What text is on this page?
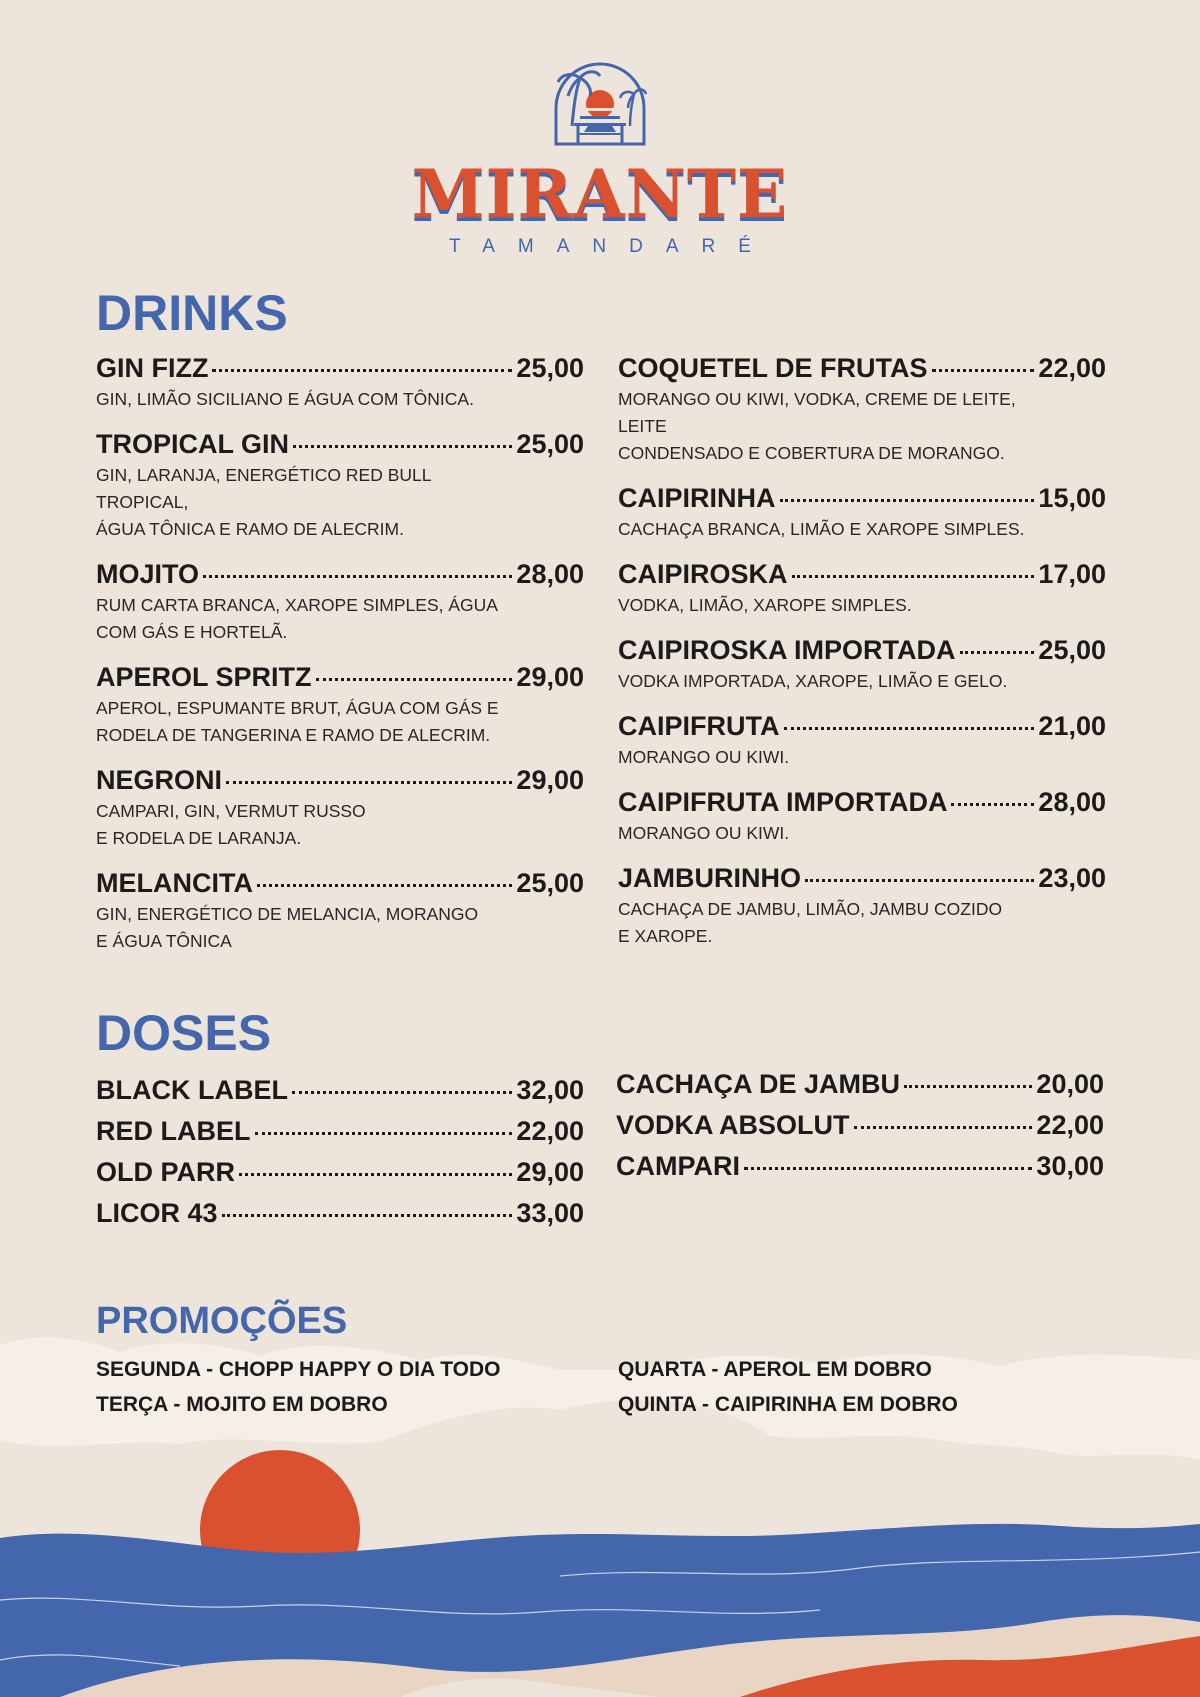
MIRANTE
TAMANDARÉ
DRINKS
GIN FIZZ	25,00
GIN, LIMÃO SICILIANO E ÁGUA COM TÔNICA.
TROPICAL GIN	25,00
GIN, LARANJA, ENERGÉTICO RED BULL TROPICAL,
ÁGUA TÔNICA E RAMO DE ALECRIM.
MOJITO	28,00
RUM CARTA BRANCA, XAROPE SIMPLES, ÁGUA
COM GÁS E HORTELÃ.
APEROL SPRITZ	29,00
APEROL, ESPUMANTE BRUT, ÁGUA COM GÁS E
RODELA DE TANGERINA E RAMO DE ALECRIM.
NEGRONI	29,00
CAMPARI, GIN, VERMUT RUSSO
E RODELA DE LARANJA.
MELANCITA	25,00
GIN, ENERGÉTICO DE MELANCIA, MORANGO
E ÁGUA TÔNICA
COQUETEL DE FRUTAS	22,00
MORANGO OU KIWI, VODKA, CREME DE LEITE, LEITE
CONDENSADO E COBERTURA DE MORANGO.
CAIPIRINHA	15,00
CACHAÇA BRANCA, LIMÃO E XAROPE SIMPLES.
CAIPIROSKA	17,00
VODKA, LIMÃO, XAROPE SIMPLES.
CAIPIROSKA IMPORTADA	25,00
VODKA IMPORTADA, XAROPE, LIMÃO E GELO.
CAIPIFRUTA	21,00
MORANGO OU KIWI.
CAIPIFRUTA IMPORTADA	28,00
MORANGO OU KIWI.
JAMBURINHO	23,00
CACHAÇA DE JAMBU, LIMÃO, JAMBU COZIDO
E XAROPE.
DOSES
BLACK LABEL	32,00
RED LABEL	22,00
OLD PARR	29,00
LICOR 43	33,00
CACHAÇA DE JAMBU	20,00
VODKA ABSOLUT	22,00
CAMPARI	30,00
PROMOÇÕES
SEGUNDA - CHOPP HAPPY O DIA TODO
TERÇA - MOJITO EM DOBRO
QUARTA - APEROL EM DOBRO
QUINTA - CAIPIRINHA EM DOBRO
